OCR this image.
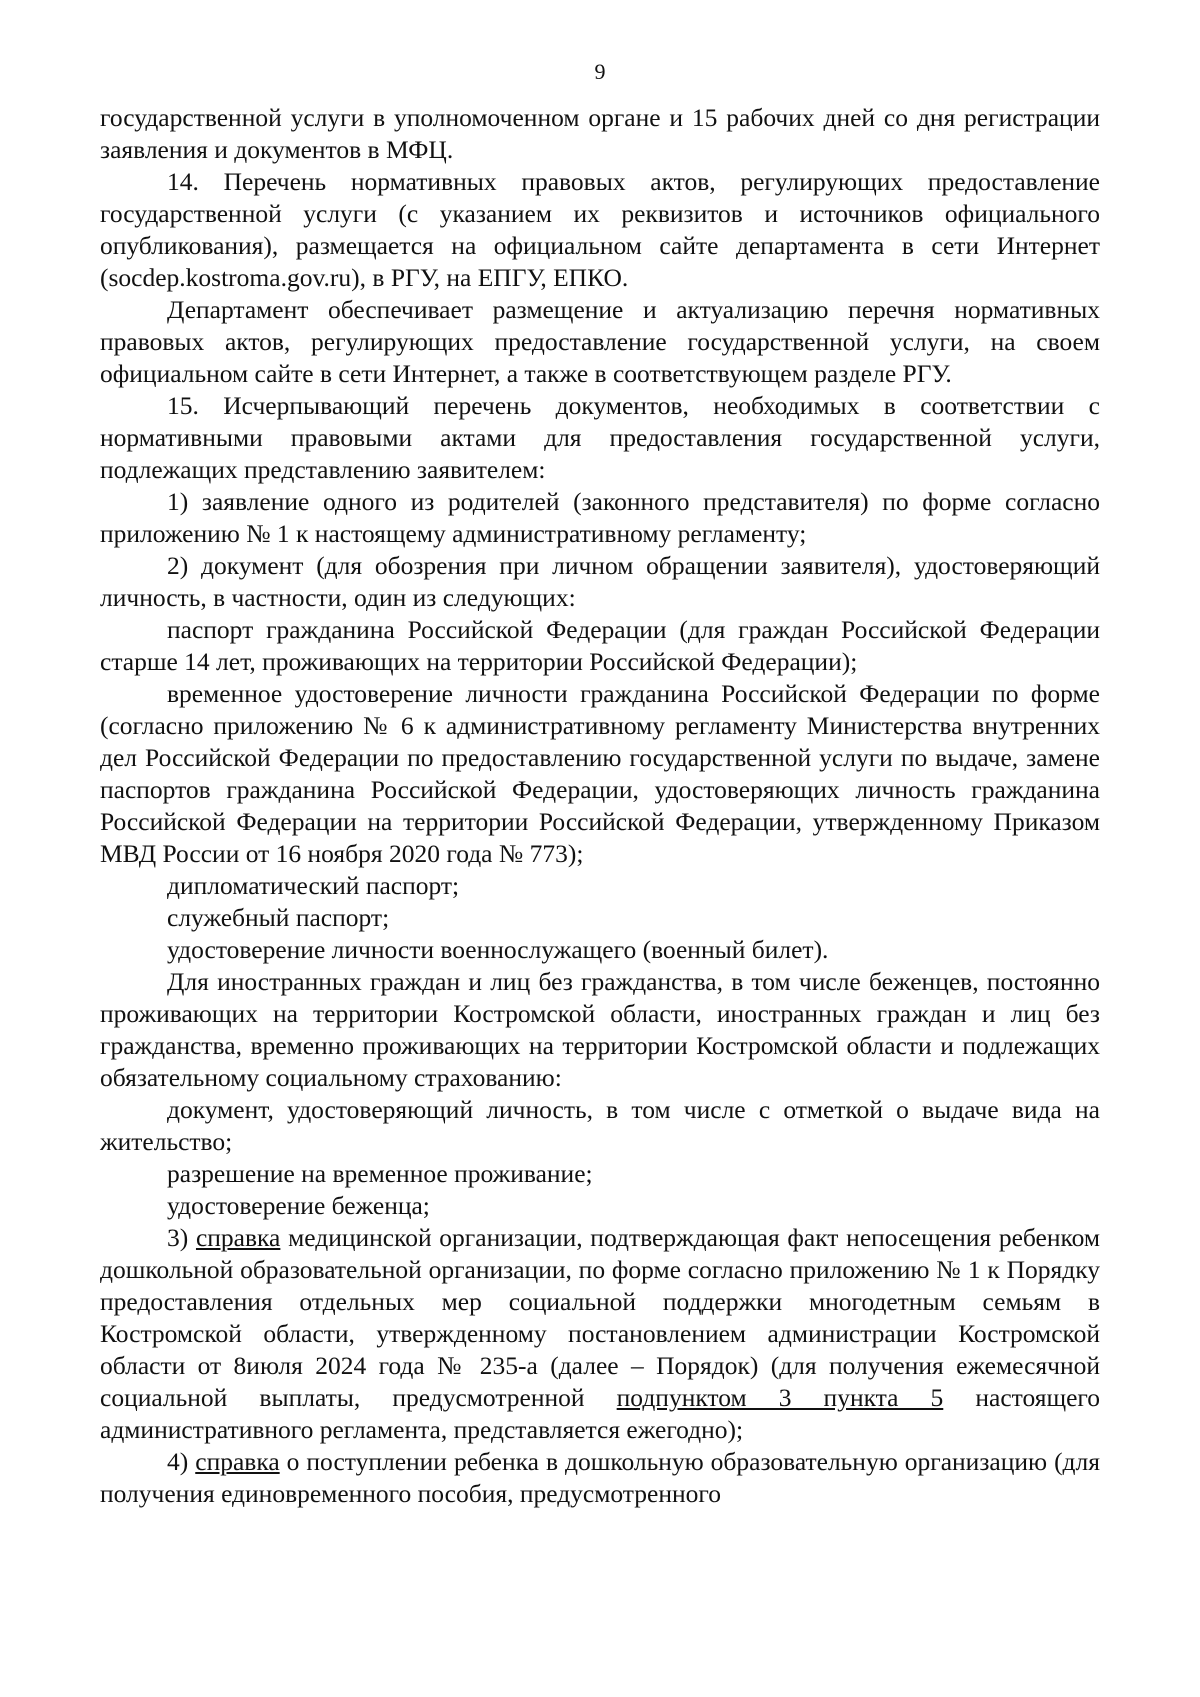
9

государственной услуги в уполномоченном органе и 15 рабочих дней со дня регистрации заявления и документов в МФЦ.

14. Перечень нормативных правовых актов, регулирующих предоставление государственной услуги (с указанием их реквизитов и источников официального опубликования), размещается на официальном сайте департамента в сети Интернет (socdep.kostroma.gov.ru), в РГУ, на ЕПГУ, ЕПКО.

Департамент обеспечивает размещение и актуализацию перечня нормативных правовых актов, регулирующих предоставление государственной услуги, на своем официальном сайте в сети Интернет, а также в соответствующем разделе РГУ.

15. Исчерпывающий перечень документов, необходимых в соответствии с нормативными правовыми актами для предоставления государственной услуги, подлежащих представлению заявителем:

1) заявление одного из родителей (законного представителя) по форме согласно приложению № 1 к настоящему административному регламенту;

2) документ (для обозрения при личном обращении заявителя), удостоверяющий личность, в частности, один из следующих:

паспорт гражданина Российской Федерации (для граждан Российской Федерации старше 14 лет, проживающих на территории Российской Федерации);

временное удостоверение личности гражданина Российской Федерации по форме (согласно приложению № 6 к административному регламенту Министерства внутренних дел Российской Федерации по предоставлению государственной услуги по выдаче, замене паспортов гражданина Российской Федерации, удостоверяющих личность гражданина Российской Федерации на территории Российской Федерации, утвержденному Приказом МВД России от 16 ноября 2020 года № 773);

дипломатический паспорт;

служебный паспорт;

удостоверение личности военнослужащего (военный билет).

Для иностранных граждан и лиц без гражданства, в том числе беженцев, постоянно проживающих на территории Костромской области, иностранных граждан и лиц без гражданства, временно проживающих на территории Костромской области и подлежащих обязательному социальному страхованию:

документ, удостоверяющий личность, в том числе с отметкой о выдаче вида на жительство;

разрешение на временное проживание;

удостоверение беженца;

3) справка медицинской организации, подтверждающая факт непосещения ребенком дошкольной образовательной организации, по форме согласно приложению № 1 к Порядку предоставления отдельных мер социальной поддержки многодетным семьям в Костромской области, утвержденному постановлением администрации Костромской области от 8июля 2024 года № 235-а (далее – Порядок) (для получения ежемесячной социальной выплаты, предусмотренной подпунктом 3 пункта 5 настоящего административного регламента, представляется ежегодно);

4) справка о поступлении ребенка в дошкольную образовательную организацию (для получения единовременного пособия, предусмотренного
